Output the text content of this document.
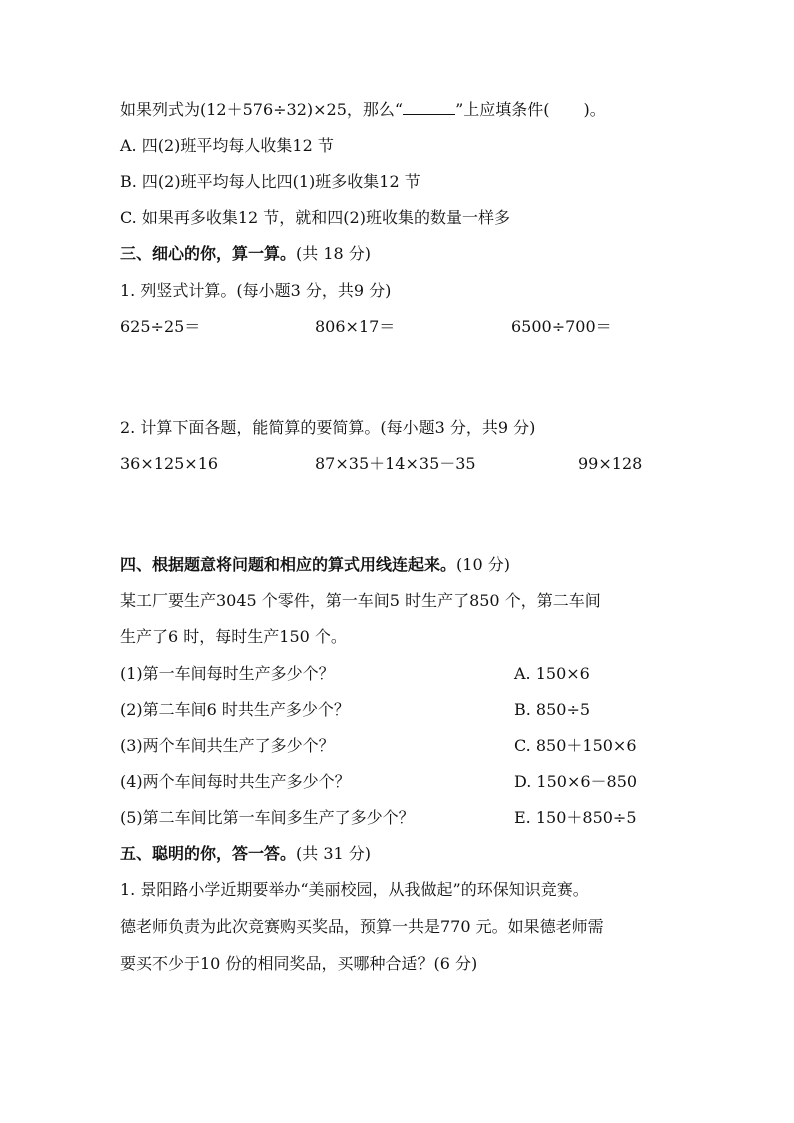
如果列式为(12＋576÷32)×25，那么“	”上应填条件( )。
A. 四(2)班平均每人收集12 节
B. 四(2)班平均每人比四(1)班多收集12 节
C. 如果再多收集12 节，就和四(2)班收集的数量一样多
三、细心的你，算一算。(共 18 分)
1. 列竖式计算。(每小题3 分，共9 分)
625÷25＝	806×17＝	6500÷700＝
2. 计算下面各题，能简算的要简算。(每小题3 分，共9 分)
36×125×16	87×35＋14×35－35	99×128
四、根据题意将问题和相应的算式用线连起来。(10 分)
某工厂要生产3045 个零件，第一车间5 时生产了850 个，第二车间
生产了6 时，每时生产150 个。
(1)第一车间每时生产多少个？	A. 150×6
(2)第二车间6 时共生产多少个？	B. 850÷5
(3)两个车间共生产了多少个？	C. 850＋150×6
(4)两个车间每时共生产多少个？	D. 150×6－850
(5)第二车间比第一车间多生产了多少个？	E. 150＋850÷5
五、聪明的你，答一答。(共 31 分)
1. 景阳路小学近期要举办“美丽校园，从我做起”的环保知识竞赛。
德老师负责为此次竞赛购买奖品，预算一共是770 元。如果德老师需
要买不少于10 份的相同奖品，买哪种合适？(6 分)
